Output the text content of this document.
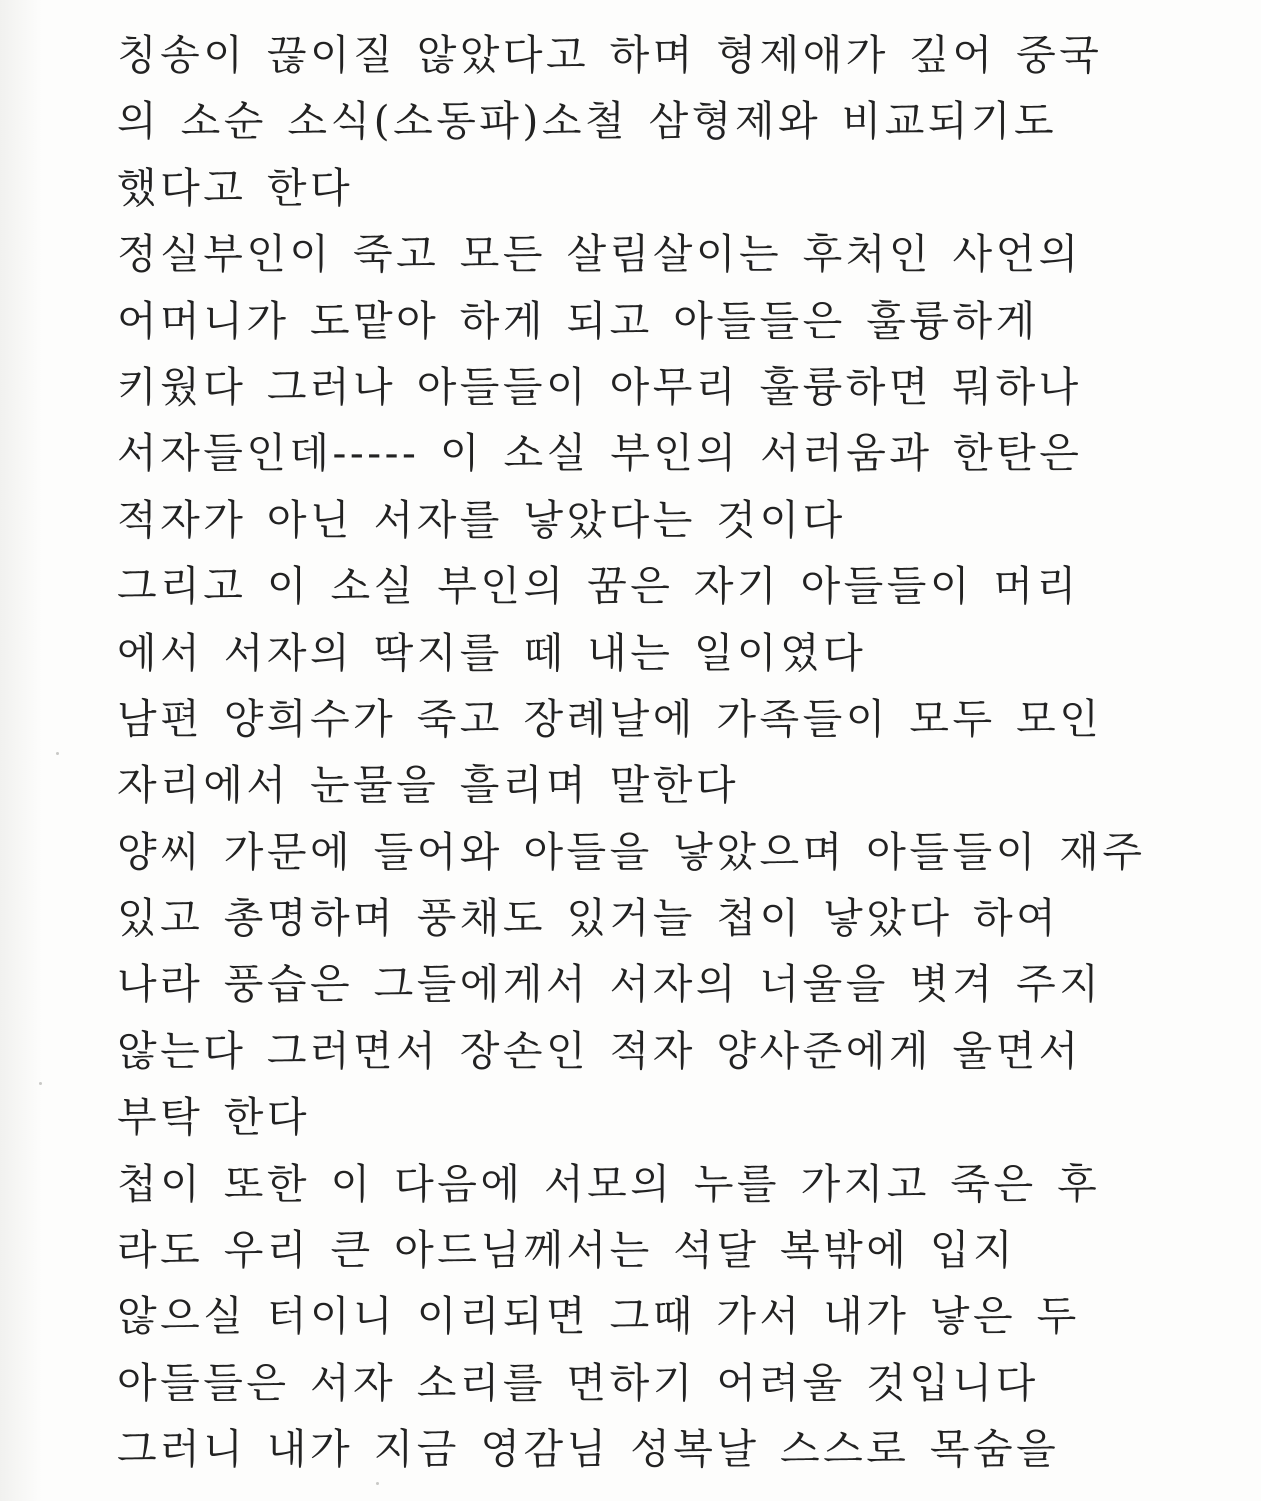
칭송이 끊이질 않았다고 하며 형제애가 깊어 중국
의 소순 소식(소동파)소철 삼형제와 비교되기도
했다고 한다
정실부인이 죽고 모든 살림살이는 후처인 사언의
어머니가 도맡아 하게 되고 아들들은 훌륭하게
키웠다 그러나 아들들이 아무리 훌륭하면 뭐하나
서자들인데----- 이 소실 부인의 서러움과 한탄은
적자가 아닌 서자를 낳았다는 것이다
그리고 이 소실 부인의 꿈은 자기 아들들이 머리
에서 서자의 딱지를 떼 내는 일이였다
남편 양희수가 죽고 장례날에 가족들이 모두 모인
자리에서 눈물을 흘리며 말한다
양씨 가문에 들어와 아들을 낳았으며 아들들이 재주
있고 총명하며 풍채도 있거늘 첩이 낳았다 하여
나라 풍습은 그들에게서 서자의 너울을 볏겨 주지
않는다 그러면서 장손인 적자 양사준에게 울면서
부탁 한다
첩이 또한 이 다음에 서모의 누를 가지고 죽은 후
라도 우리 큰 아드님께서는 석달 복밖에 입지
않으실 터이니 이리되면 그때 가서 내가 낳은 두
아들들은 서자 소리를 면하기 어려울 것입니다
그러니 내가 지금 영감님 성복날 스스로 목숨을
